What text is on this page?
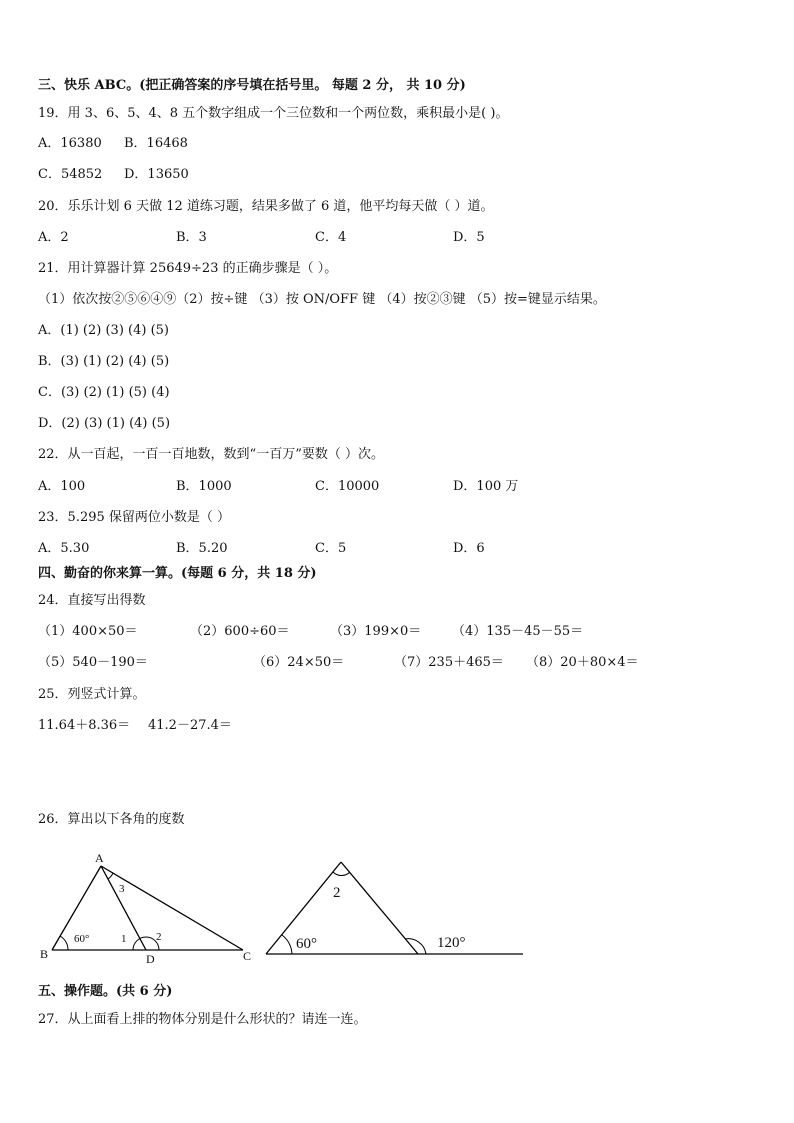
三、快乐 ABC。(把正确答案的序号填在括号里。 每题 2 分， 共 10 分)
19．用 3、6、5、4、8 五个数字组成一个三位数和一个两位数，乘积最小是( )。
A．16380 B．16468
C．54852 D．13650
20．乐乐计划 6 天做 12 道练习题，结果多做了 6 道，他平均每天做（ ）道。
A．2	B．3	C．4	D．5
21．用计算器计算 25649÷23 的正确步骤是（ ）。
（1）依次按②⑤⑥④⑨（2）按÷键 （3）按 ON/OFF 键 （4）按②③键 （5）按=键显示结果。
A．(1) (2) (3) (4) (5)
B．(3) (1) (2) (4) (5)
C．(3) (2) (1) (5) (4)
D．(2) (3) (1) (4) (5)
22．从一百起，一百一百地数，数到“一百万”要数（ ）次。
A．100	B．1000	C．10000	D．100 万
23．5.295 保留两位小数是（ ）
A．5.30	B．5.20	C．5	D．6
四、勤奋的你来算一算。(每题 6 分，共 18 分)
24．直接写出得数
（1）400×50＝	（2）600÷60＝	（3）199×0＝ （4）135－45－55＝
（5）540－190＝	（6）24×50＝	（7）235＋465＝ （8）20＋80×4＝
25．列竖式计算。
11.64＋8.36＝ 41.2－27.4＝
26．算出以下各角的度数
A
B	C
D
60°	1	2
3	2
60°	120°
五、操作题。(共 6 分)
27．从上面看上排的物体分别是什么形状的？请连一连。
